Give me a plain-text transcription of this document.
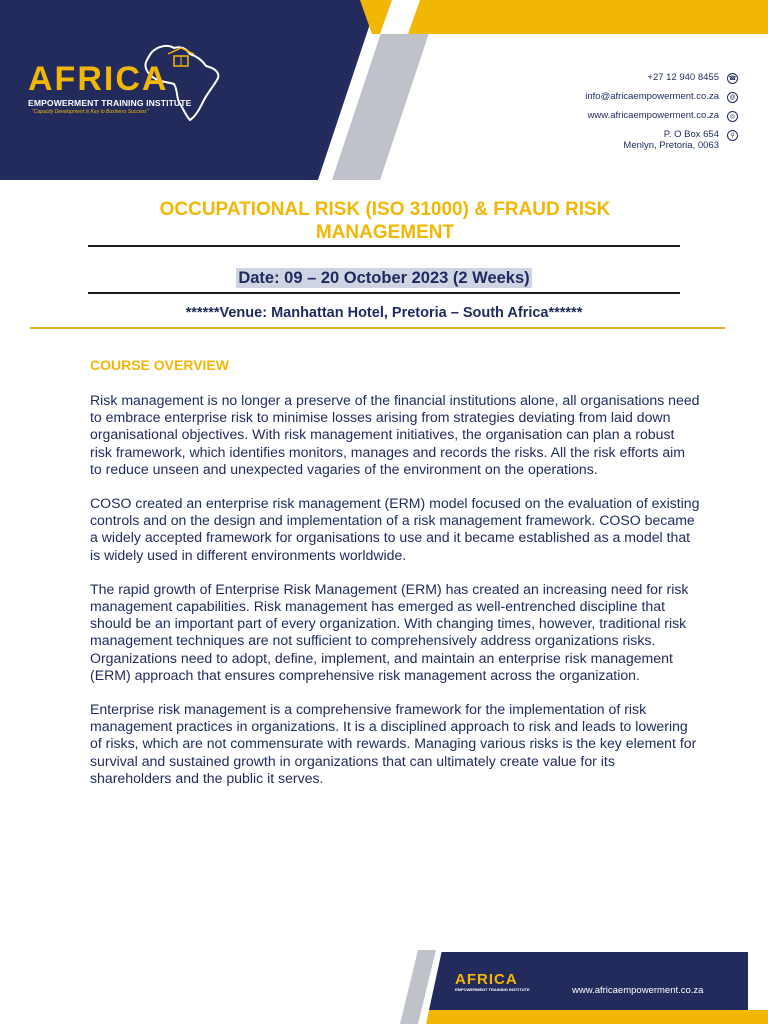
AFRICA
EMPOWERMENT TRAINING INSTITUTE
"Capacity Development is Key to Business Success"
+27 12 940 8455 ☎
info@africaempowerment.co.za	@
www.africaempowerment.co.za	◎
P. O Box 654
Menlyn, Pretoria, 0063
⚲
OCCUPATIONAL RISK (ISO 31000) & FRAUD RISK MANAGEMENT
Date: 09 – 20 October 2023 (2 Weeks)
******Venue: Manhattan Hotel, Pretoria – South Africa******
COURSE OVERVIEW

Risk management is no longer a preserve of the financial institutions alone, all organisations need to embrace enterprise risk to minimise losses arising from strategies deviating from laid down organisational objectives. With risk management initiatives, the organisation can plan a robust risk framework, which identifies monitors, manages and records the risks. All the risk efforts aim to reduce unseen and unexpected vagaries of the environment on the operations.

COSO created an enterprise risk management (ERM) model focused on the evaluation of existing controls and on the design and implementation of a risk management framework. COSO became a widely accepted framework for organisations to use and it became established as a model that is widely used in different environments worldwide.

The rapid growth of Enterprise Risk Management (ERM) has created an increasing need for risk management capabilities. Risk management has emerged as well-entrenched discipline that should be an important part of every organization. With changing times, however, traditional risk management techniques are not sufficient to comprehensively address organizations risks. Organizations need to adopt, define, implement, and maintain an enterprise risk management (ERM) approach that ensures comprehensive risk management across the organization.

Enterprise risk management is a comprehensive framework for the implementation of risk management practices in organizations. It is a disciplined approach to risk and leads to lowering of risks, which are not commensurate with rewards. Managing various risks is the key element for survival and sustained growth in organizations that can ultimately create value for its shareholders and the public it serves.

AFRICA
EMPOWERMENT TRAINING INSTITUTE	www.africaempowerment.co.za
